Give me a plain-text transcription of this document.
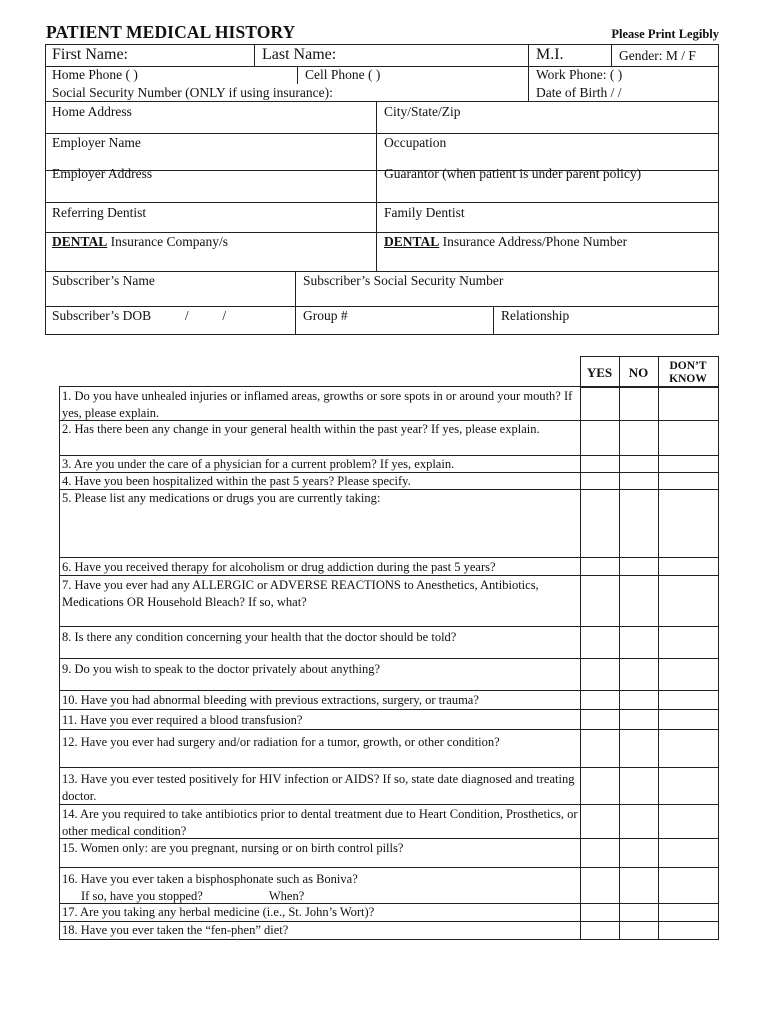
PATIENT MEDICAL HISTORY	Please Print Legibly
First Name:	Last Name:	M.I.	Gender: M / F
Home Phone ( )	Cell Phone ( )	Work Phone: ( )
Social Security Number (ONLY if using insurance):	Date of Birth / /
Home Address	City/State/Zip
Employer Name	Occupation
Employer Address	Guarantor (when patient is under parent policy)
Referring Dentist	Family Dentist
DENTAL Insurance Company/s	DENTAL Insurance Address/Phone Number
Subscriber’s Name	Subscriber’s Social Security Number
Subscriber’s DOB          /          /	Group #	Relationship
YES	NO	DON’T
KNOW
1. Do you have unhealed injuries or inflamed areas, growths or sore spots in or around your mouth? If yes, please explain.
2. Has there been any change in your general health within the past year? If yes, please explain.
3. Are you under the care of a physician for a current problem? If yes, explain.
4. Have you been hospitalized within the past 5 years? Please specify.
5. Please list any medications or drugs you are currently taking:
6. Have you received therapy for alcoholism or drug addiction during the past 5 years?
7. Have you ever had any ALLERGIC or ADVERSE REACTIONS to Anesthetics, Antibiotics, Medications OR Household Bleach? If so, what?
8. Is there any condition concerning your health that the doctor should be told?
9. Do you wish to speak to the doctor privately about anything?
10. Have you had abnormal bleeding with previous extractions, surgery, or trauma?
11. Have you ever required a blood transfusion?
12. Have you ever had surgery and/or radiation for a tumor, growth, or other condition?
13. Have you ever tested positively for HIV infection or AIDS? If so, state date diagnosed and treating doctor.
14. Are you required to take antibiotics prior to dental treatment due to Heart Condition, Prosthetics, or other medical condition?
15. Women only: are you pregnant, nursing or on birth control pills?
16. Have you ever taken a bisphosphonate such as Boniva?
If so, have you stopped?	When?
17. Are you taking any herbal medicine (i.e., St. John’s Wort)?
18. Have you ever taken the “fen-phen” diet?
